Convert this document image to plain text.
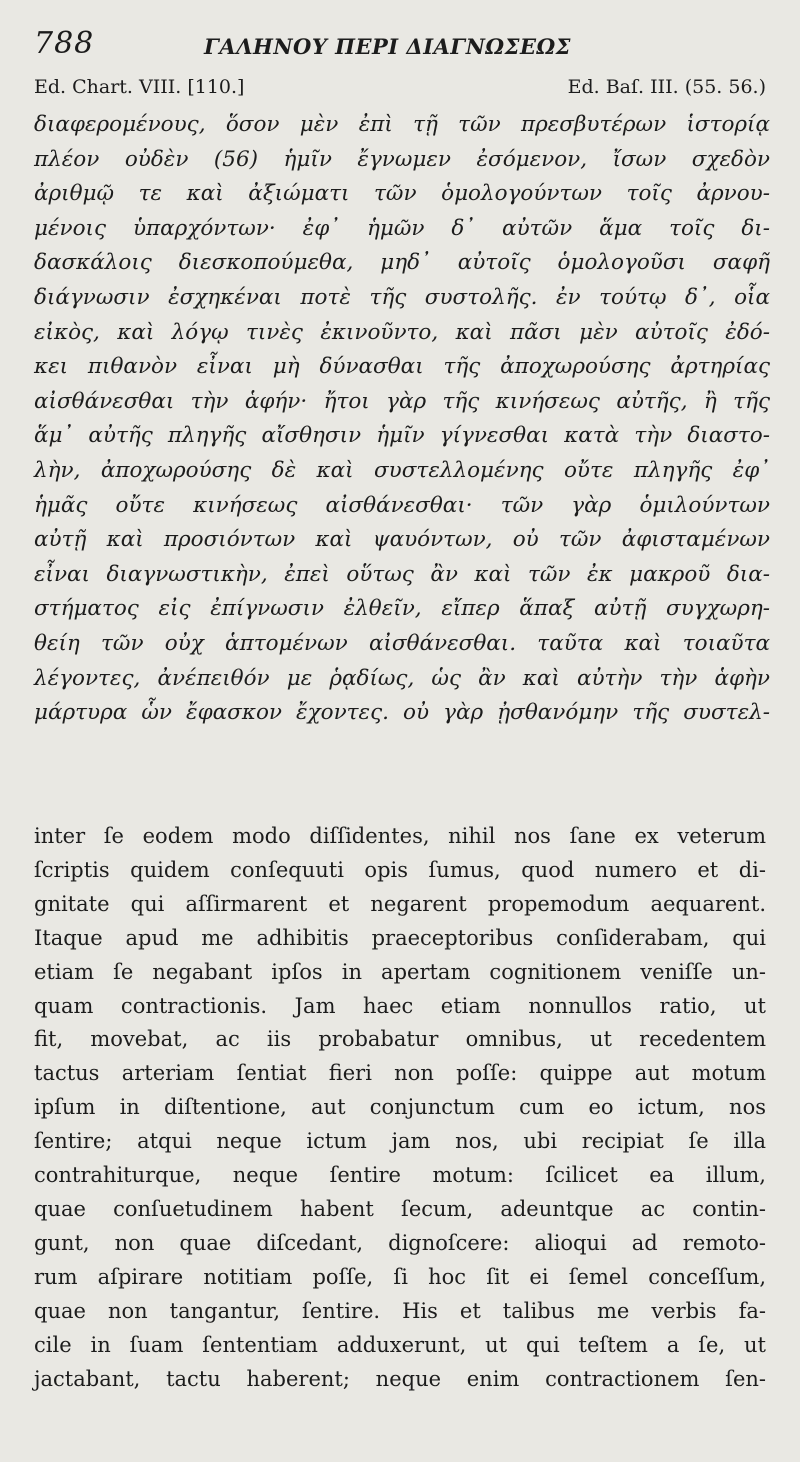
788	ΓΑΛΗΝΟΥ ΠΕΡΙ ΔΙΑΓΝΩΣΕΩΣ
Ed. Chart. VIII. [110.]	Ed. Baſ. III. (55. 56.)
διαφερομένους, ὅσον μὲν ἐπὶ τῇ τῶν πρεσβυτέρων ἱστορίᾳ
πλέον οὐδὲν (56) ἡμῖν ἔγνωμεν ἐσόμενον, ἴσων σχεδὸν
ἀριθμῷ τε καὶ ἀξιώματι τῶν ὁμολογούντων τοῖς ἀρνου-
μένοις ὑπαρχόντων· ἐφ᾽ ἡμῶν δ᾽ αὐτῶν ἅμα τοῖς δι-
δασκάλοις διεσκοπούμεθα, μηδ᾽ αὐτοῖς ὁμολογοῦσι σαφῆ
διάγνωσιν ἐσχηκέναι ποτὲ τῆς συστολῆς. ἐν τούτῳ δ᾽, οἷα
εἰκὸς, καὶ λόγῳ τινὲς ἐκινοῦντο, καὶ πᾶσι μὲν αὐτοῖς ἐδό-
κει πιθανὸν εἶναι μὴ δύνασθαι τῆς ἀποχωρούσης ἀρτηρίας
αἰσθάνεσθαι τὴν ἁφήν· ἤτοι γὰρ τῆς κινήσεως αὐτῆς, ἢ τῆς
ἅμ᾽ αὐτῆς πληγῆς αἴσθησιν ἡμῖν γίγνεσθαι κατὰ τὴν διαστο-
λὴν, ἀποχωρούσης δὲ καὶ συστελλομένης οὔτε πληγῆς ἐφ᾽
ἡμᾶς οὔτε κινήσεως αἰσθάνεσθαι· τῶν γὰρ ὁμιλούντων
αὐτῇ καὶ προσιόντων καὶ ψαυόντων, οὐ τῶν ἀφισταμένων
εἶναι διαγνωστικὴν, ἐπεὶ οὕτως ἂν καὶ τῶν ἐκ μακροῦ δια-
στήματος εἰς ἐπίγνωσιν ἐλθεῖν, εἴπερ ἅπαξ αὐτῇ συγχωρη-
θείη τῶν οὐχ ἁπτομένων αἰσθάνεσθαι. ταῦτα καὶ τοιαῦτα
λέγοντες, ἀνέπειθόν με ῥᾳδίως, ὡς ἂν καὶ αὐτὴν τὴν ἁφὴν
μάρτυρα ὧν ἔφασκον ἔχοντες. οὐ γὰρ ᾐσθανόμην τῆς συστελ-
inter ſe eodem modo diſſidentes, nihil nos ſane ex veterum
ſcriptis quidem conſequuti opis ſumus, quod numero et di-
gnitate qui aſſirmarent et negarent propemodum aequarent.
Itaque apud me adhibitis praeceptoribus conſiderabam, qui
etiam ſe negabant ipſos in apertam cognitionem veniſſe un-
quam contractionis. Jam haec etiam nonnullos ratio, ut
fit, movebat, ac iis probabatur omnibus, ut recedentem
tactus arteriam ſentiat fieri non poſſe: quippe aut motum
ipſum in diſtentione, aut conjunctum cum eo ictum, nos
ſentire; atqui neque ictum jam nos, ubi recipiat ſe illa
contrahiturque, neque ſentire motum: ſcilicet ea illum,
quae conſuetudinem habent ſecum, adeuntque ac contin-
gunt, non quae diſcedant, dignoſcere: alioqui ad remoto-
rum aſpirare notitiam poſſe, ſi hoc ſit ei ſemel conceſſum,
quae non tangantur, ſentire. His et talibus me verbis fa-
cile in ſuam ſententiam adduxerunt, ut qui teſtem a ſe, ut
jactabant, tactu haberent; neque enim contractionem ſen-
